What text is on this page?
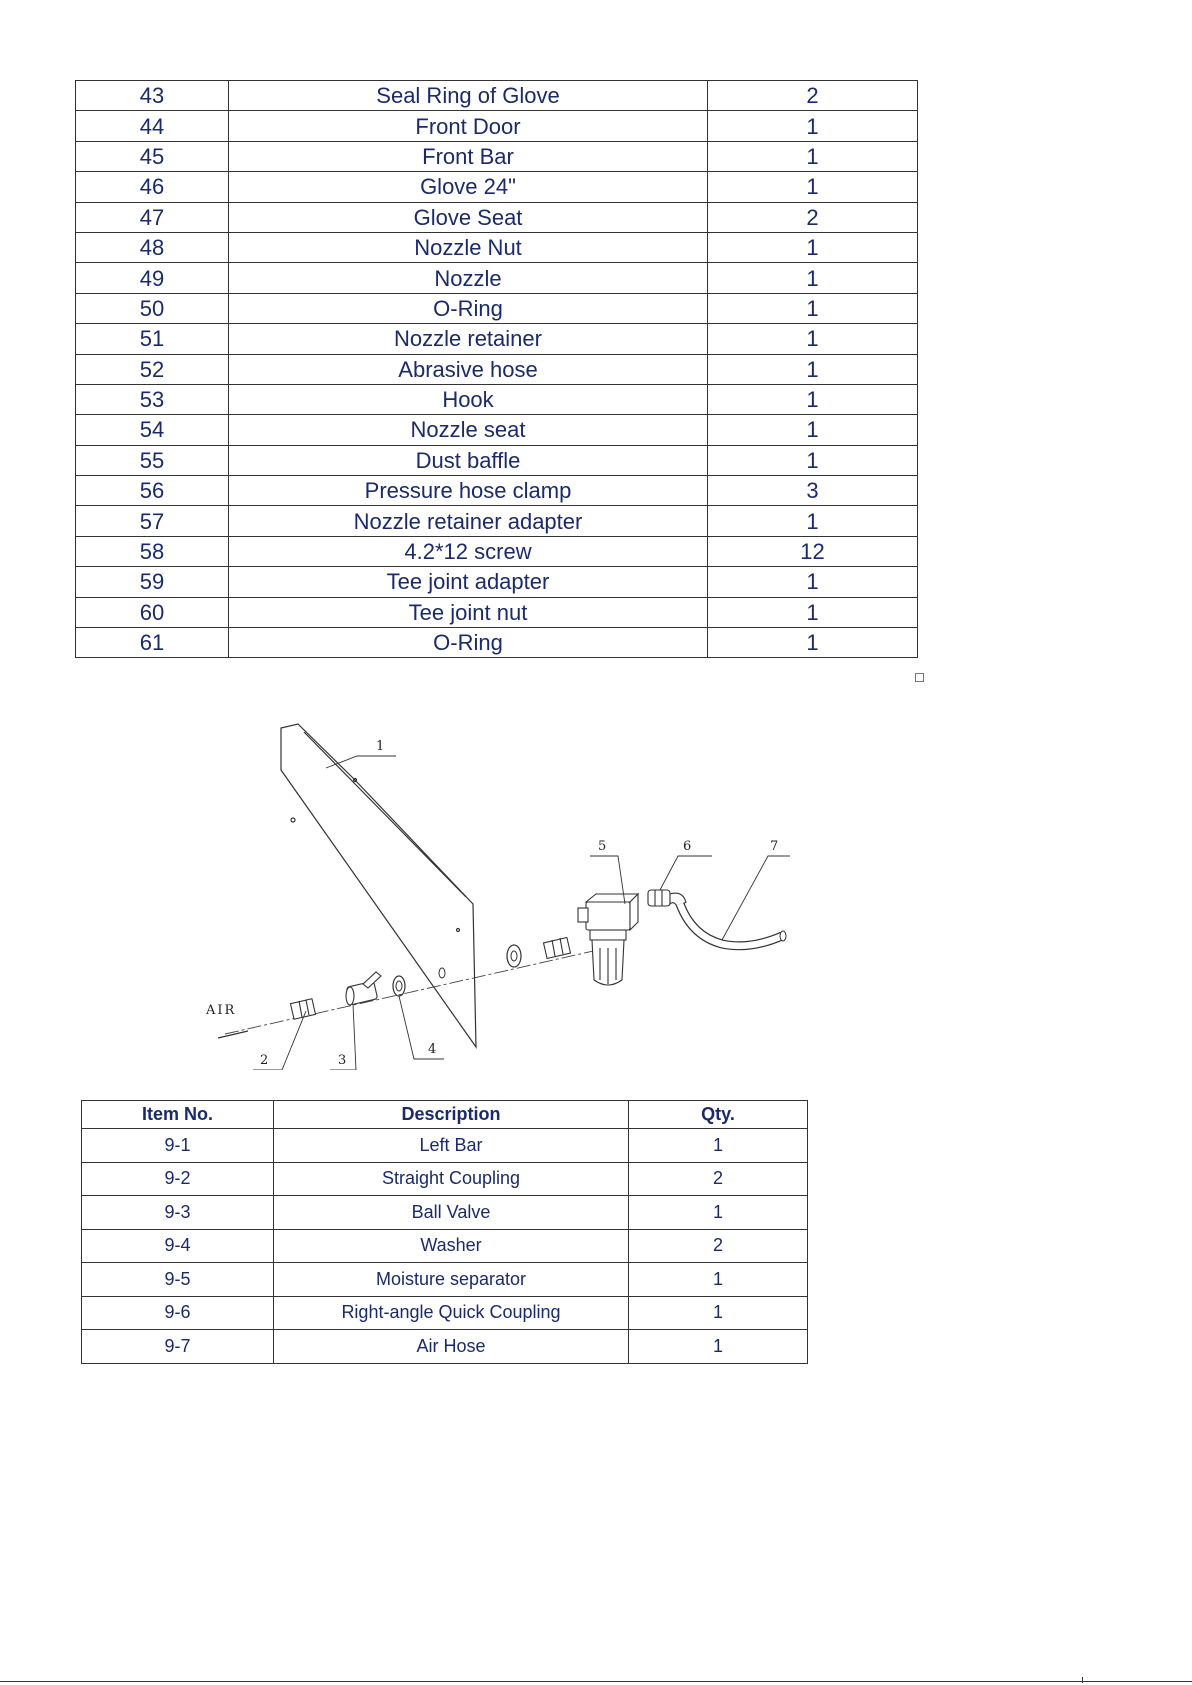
43	Seal Ring of Glove	2
44	Front Door	1
45	Front Bar	1
46	Glove 24"	1
47	Glove Seat	2
48	Nozzle Nut	1
49	Nozzle	1
50	O-Ring	1
51	Nozzle retainer	1
52	Abrasive hose	1
53	Hook	1
54	Nozzle seat	1
55	Dust baffle	1
56	Pressure hose clamp	3
57	Nozzle retainer adapter	1
58	4.2*12 screw	12
59	Tee joint adapter	1
60	Tee joint nut	1
61	O-Ring	1
1
2	3
4
5	6	7
AIR
Item No.	Description	Qty.
9-1	Left Bar	1
9-2	Straight Coupling	2
9-3	Ball Valve	1
9-4	Washer	2
9-5	Moisture separator	1
9-6	Right-angle Quick Coupling	1
9-7	Air Hose	1
